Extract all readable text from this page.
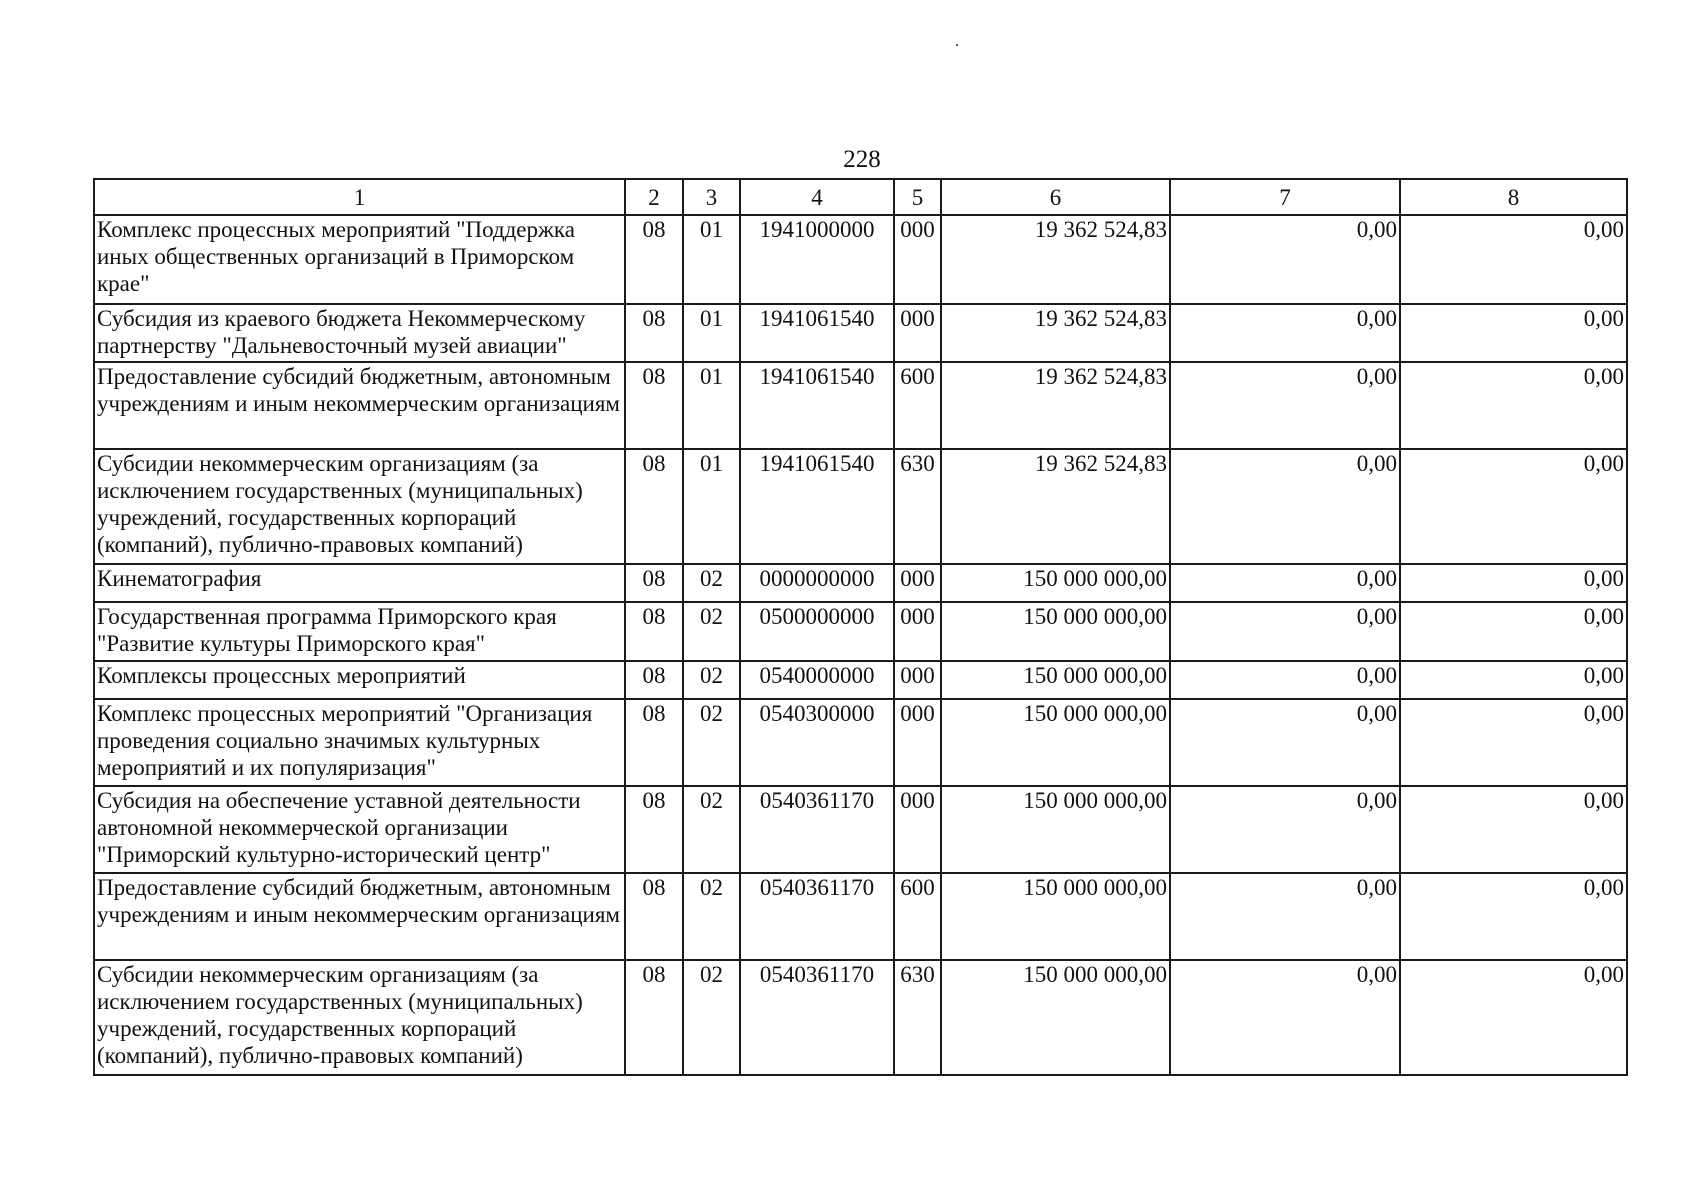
228
1	2	3	4	5	6	7	8
Комплекс процессных мероприятий "Поддержка иных общественных организаций в Приморском крае"	08	01	1941000000	000	19 362 524,83	0,00	0,00
Субсидия из краевого бюджета Некоммерческому партнерству "Дальневосточный музей авиации"	08	01	1941061540	000	19 362 524,83	0,00	0,00
Предоставление субсидий бюджетным, автономным учреждениям и иным некоммерческим организациям	08	01	1941061540	600	19 362 524,83	0,00	0,00
Субсидии некоммерческим организациям (за исключением государственных (муниципальных) учреждений, государственных корпораций (компаний), публично-правовых компаний)	08	01	1941061540	630	19 362 524,83	0,00	0,00
Кинематография	08	02	0000000000	000	150 000 000,00	0,00	0,00
Государственная программа Приморского края "Развитие культуры Приморского края"	08	02	0500000000	000	150 000 000,00	0,00	0,00
Комплексы процессных мероприятий	08	02	0540000000	000	150 000 000,00	0,00	0,00
Комплекс процессных мероприятий "Организация проведения социально значимых культурных мероприятий и их популяризация"	08	02	0540300000	000	150 000 000,00	0,00	0,00
Субсидия на обеспечение уставной деятельности автономной некоммерческой организации "Приморский культурно-исторический центр"	08	02	0540361170	000	150 000 000,00	0,00	0,00
Предоставление субсидий бюджетным, автономным учреждениям и иным некоммерческим организациям	08	02	0540361170	600	150 000 000,00	0,00	0,00
Субсидии некоммерческим организациям (за исключением государственных (муниципальных) учреждений, государственных корпораций (компаний), публично-правовых компаний)	08	02	0540361170	630	150 000 000,00	0,00	0,00
